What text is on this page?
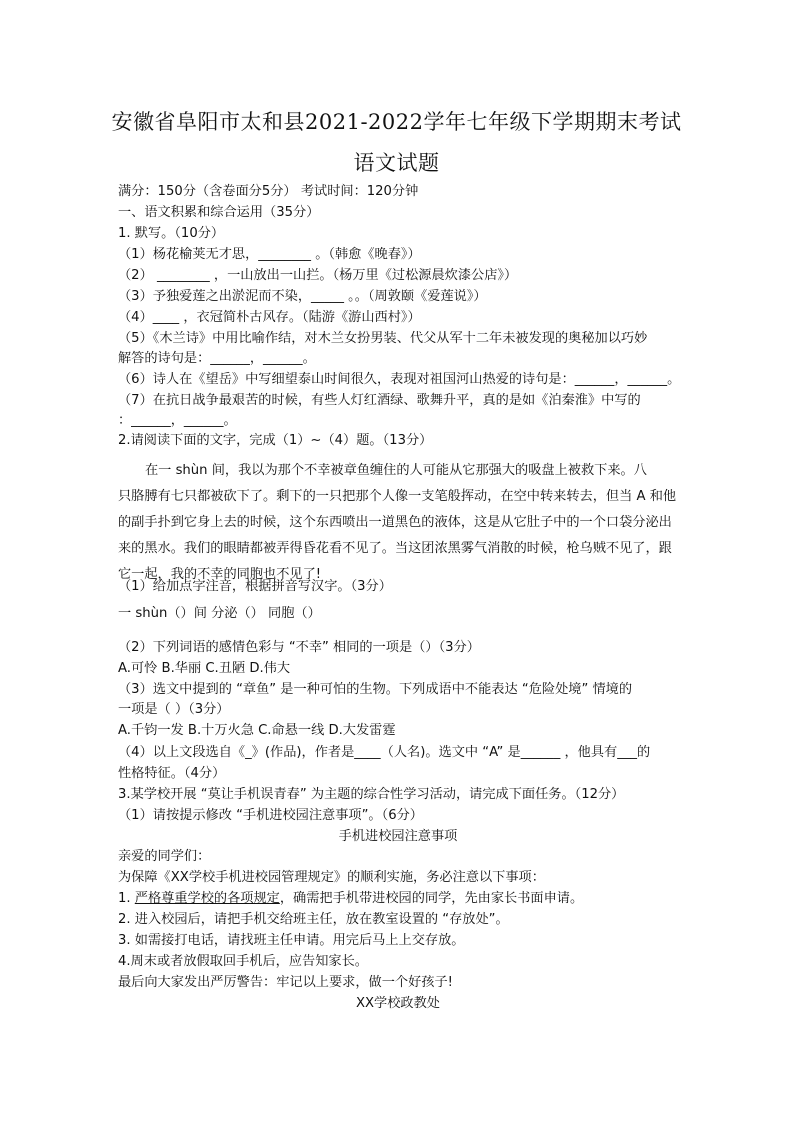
安徽省阜阳市太和县2021-2022学年七年级下学期期末考试
语文试题
满分：150分（含卷面分5分） 考试时间：120分钟
一、语文积累和综合运用（35分）
1. 默写。（10分）
（1）杨花榆荚无才思，________ 。（韩愈《晚春》）
（2） ________ ，一山放出一山拦。（杨万里《过松源晨炊漆公店》）
（3）予独爱莲之出淤泥而不染，_____ 。。（周敦颐《爱莲说》）
（4）____ ，衣冠简朴古风存。（陆游《游山西村》）
（5）《木兰诗》中用比喻作结，对木兰女扮男装、代父从军十二年未被发现的奥秘加以巧妙
解答的诗句是：______，______。
（6）诗人在《望岳》中写细望泰山时间很久，表现对祖国河山热爱的诗句是：______，______。
（7）在抗日战争最艰苦的时候，有些人灯红酒绿、歌舞升平，真的是如《泊秦淮》中写的
：______，______。
2.请阅读下面的文字，完成（1）~（4）题。（13分）
在一 shùn 间，我以为那个不幸被章鱼缠住的人可能从它那强大的吸盘上被救下来。八
只胳膊有七只都被砍下了。剩下的一只把那个人像一支笔般挥动，在空中转来转去，但当 A 和他的副手扑到它身上去的时候，这个东西喷出一道黑色的液体，这是从它肚子中的一个口袋分泌出来的黑水。我们的眼睛都被弄得昏花看不见了。当这团浓黑雾气消散的时候，枪乌贼不见了，跟它一起，我的不幸的同胞也不见了!
（1）给加点字注音，根据拼音写汉字。（3分）
一 shùn（）间 分泌（） 同胞（）
（2）下列词语的感情色彩与 “不幸” 相同的一项是（）（3分）
A.可怜 B.华丽 C.丑陋 D.伟大
（3）选文中提到的 “章鱼” 是一种可怕的生物。下列成语中不能表达 “危险处境” 情境的
一项是（ ）（3分）
A.千钧一发 B.十万火急 C.命悬一线 D.大发雷霆
（4）以上文段选自《_》(作品)，作者是____（人名)。选文中 “A” 是______ ，他具有___的
性格特征。（4分）
3.某学校开展 “莫让手机误青春” 为主题的综合性学习活动，请完成下面任务。（12分）
（1）请按提示修改 “手机进校园注意事项”。（6分）
手机进校园注意事项
亲爱的同学们：
为保障《XX学校手机进校园管理规定》的顺利实施，务必注意以下事项：
1. 严格尊重学校的各项规定，确需把手机带进校园的同学，先由家长书面申请。
2. 进入校园后，请把手机交给班主任，放在教室设置的 “存放处”。
3. 如需接打电话，请找班主任申请。用完后马上上交存放。
4.周末或者放假取回手机后，应告知家长。
最后向大家发出严厉警告：牢记以上要求，做一个好孩子!
XX学校政教处
